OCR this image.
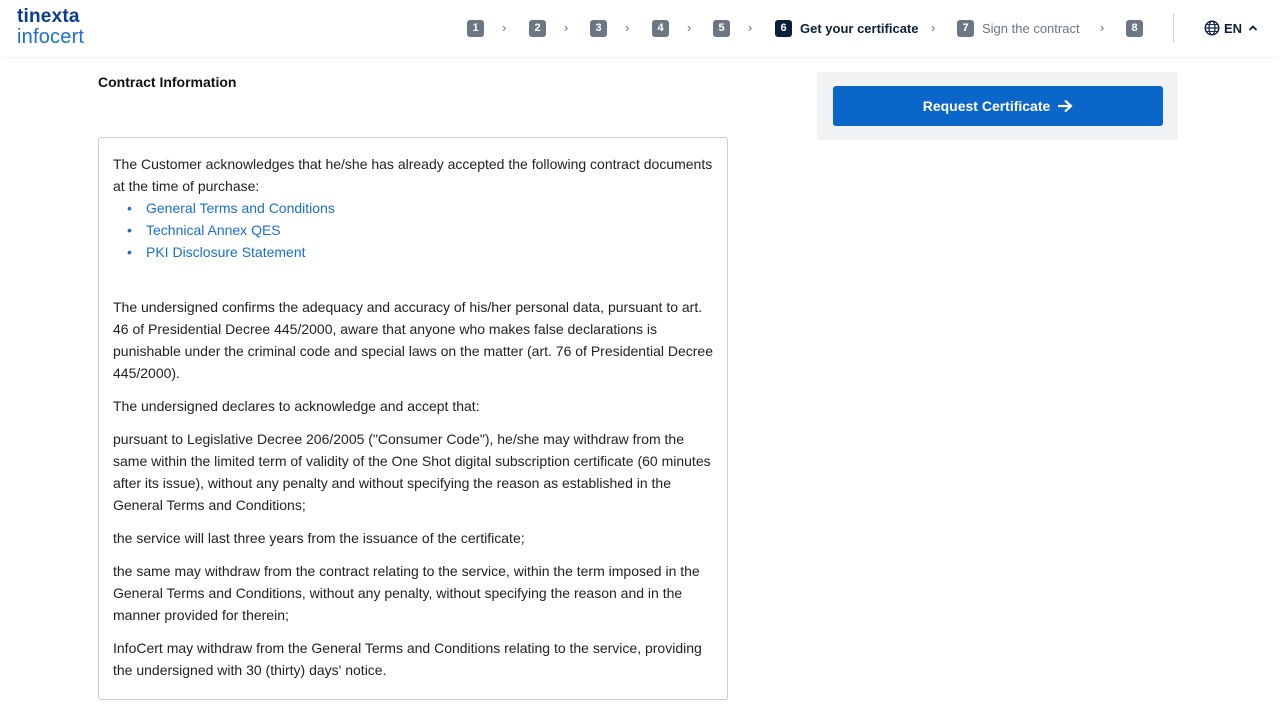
tinexta
infocert	1	›	2	›	3	›	4	›	5	›	6	Get your certificate ›	7	Sign the contract ›	8	EN
Contract Information

The Customer acknowledges that he/she has already accepted the following contract documents at the time of purchase:

• General Terms and Conditions
• Technical Annex QES
• PKI Disclosure Statement

The undersigned confirms the adequacy and accuracy of his/her personal data, pursuant to art. 46 of Presidential Decree 445/2000, aware that anyone who makes false declarations is punishable under the criminal code and special laws on the matter (art. 76 of Presidential Decree 445/2000).

The undersigned declares to acknowledge and accept that:

pursuant to Legislative Decree 206/2005 ("Consumer Code"), he/she may withdraw from the same within the limited term of validity of the One Shot digital subscription certificate (60 minutes after its issue), without any penalty and without specifying the reason as established in the General Terms and Conditions;

the service will last three years from the issuance of the certificate;

the same may withdraw from the contract relating to the service, within the term imposed in the General Terms and Conditions, without any penalty, without specifying the reason and in the manner provided for therein;

InfoCert may withdraw from the General Terms and Conditions relating to the service, providing the undersigned with 30 (thirty) days' notice.

Request Certificate
